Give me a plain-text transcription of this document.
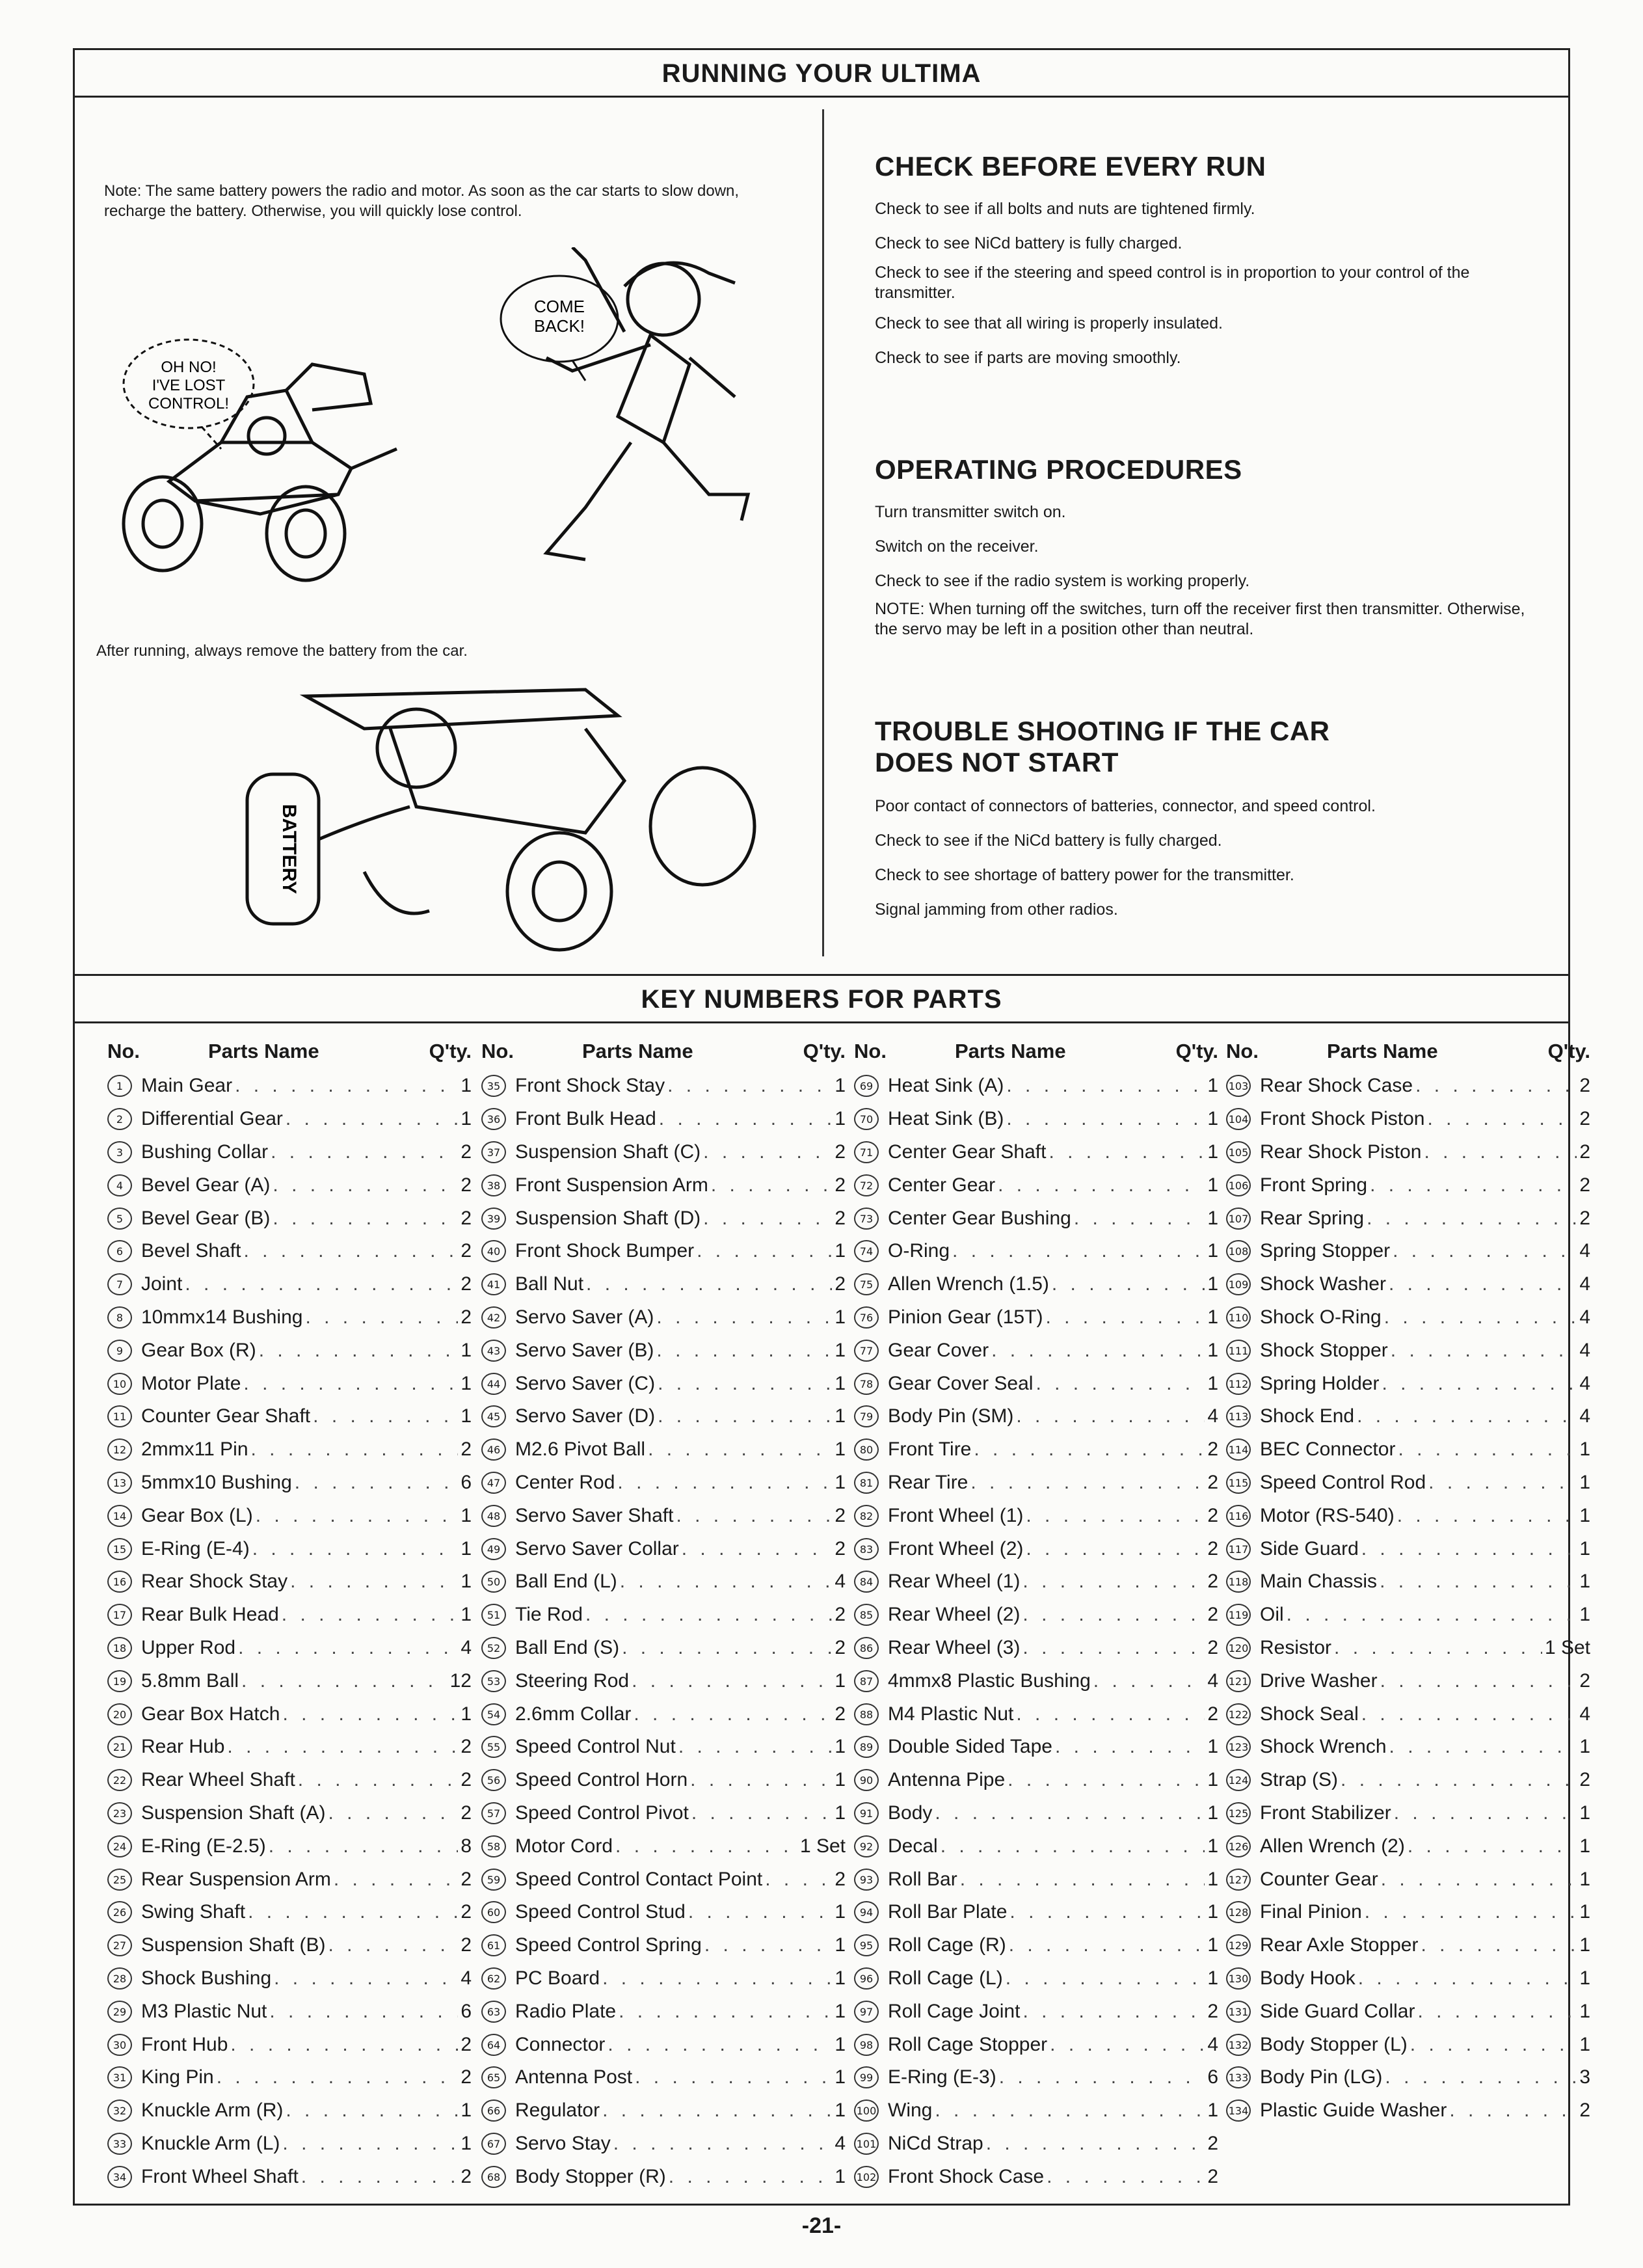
RUNNING YOUR ULTIMA
Note: The same battery powers the radio and motor. As soon as the car starts to slow down, recharge the battery. Otherwise, you will quickly lose control.
OH NO! I'VE LOST CONTROL!
COME BACK!
After running, always remove the battery from the car.
BATTERY
CHECK BEFORE EVERY RUN
Check to see if all bolts and nuts are tightened firmly.
Check to see NiCd battery is fully charged.
Check to see if the steering and speed control is in proportion to your control of the transmitter.
Check to see that all wiring is properly insulated.
Check to see if parts are moving smoothly.
OPERATING PROCEDURES
Turn transmitter switch on.
Switch on the receiver.
Check to see if the radio system is working properly.
NOTE: When turning off the switches, turn off the receiver first then transmitter. Otherwise, the servo may be left in a position other than neutral.
TROUBLE SHOOTING IF THE CAR DOES NOT START
Poor contact of connectors of batteries, connector, and speed control.
Check to see if the NiCd battery is fully charged.
Check to see shortage of battery power for the transmitter.
Signal jamming from other radios.
KEY NUMBERS FOR PARTS
No.	Parts Name	Q'ty.
1 Main Gear . . .	1
2 Differential Gear . . .	1
3 Bushing Collar . . .	2
4 Bevel Gear (A) . . .	2
5 Bevel Gear (B) . . .	2
6 Bevel Shaft . . .	2
7 Joint . . .	2
8 10mmx14 Bushing . . .	2
9 Gear Box (R) . . .	1
10 Motor Plate . . .	1
11 Counter Gear Shaft . . .	1
12 2mmx11 Pin . . .	2
13 5mmx10 Bushing . . .	6
14 Gear Box (L) . . .	1
15 E-Ring (E-4) . . .	1
16 Rear Shock Stay . . .	1
17 Rear Bulk Head . . .	1
18 Upper Rod . . .	4
19 5.8mm Ball . . .	12
20 Gear Box Hatch . . .	1
21 Rear Hub . . .	2
22 Rear Wheel Shaft . . .	2
23 Suspension Shaft (A) . . .	2
24 E-Ring (E-2.5) . . .	8
25 Rear Suspension Arm . . .	2
26 Swing Shaft . . .	2
27 Suspension Shaft (B) . . .	2
28 Shock Bushing . . .	4
29 M3 Plastic Nut . . .	6
30 Front Hub . . .	2
31 King Pin . . .	2
32 Knuckle Arm (R) . . .	1
33 Knuckle Arm (L) . . .	1
34 Front Wheel Shaft . . .	2
No.	Parts Name	Q'ty.
35 Front Shock Stay . . .	1
36 Front Bulk Head . . .	1
37 Suspension Shaft (C) . . .	2
38 Front Suspension Arm . . .	2
39 Suspension Shaft (D) . . .	2
40 Front Shock Bumper . . .	1
41 Ball Nut . . .	2
42 Servo Saver (A) . . .	1
43 Servo Saver (B) . . .	1
44 Servo Saver (C) . . .	1
45 Servo Saver (D) . . .	1
46 M2.6 Pivot Ball . . .	1
47 Center Rod . . .	1
48 Servo Saver Shaft . . .	2
49 Servo Saver Collar . . .	2
50 Ball End (L) . . .	4
51 Tie Rod . . .	2
52 Ball End (S) . . .	2
53 Steering Rod . . .	1
54 2.6mm Collar . . .	2
55 Speed Control Nut . . .	1
56 Speed Control Horn . . .	1
57 Speed Control Pivot . . .	1
58 Motor Cord . . .	1 Set
59 Speed Control Contact Point . . .	2
60 Speed Control Stud . . .	1
61 Speed Control Spring . . .	1
62 PC Board . . .	1
63 Radio Plate . . .	1
64 Connector . . .	1
65 Antenna Post . . .	1
66 Regulator . . .	1
67 Servo Stay . . .	4
68 Body Stopper (R) . . .	1
No.	Parts Name	Q'ty.
69 Heat Sink (A) . . .	1
70 Heat Sink (B) . . .	1
71 Center Gear Shaft . . .	1
72 Center Gear . . .	1
73 Center Gear Bushing . . .	1
74 O-Ring . . .	1
75 Allen Wrench (1.5) . . .	1
76 Pinion Gear (15T) . . .	1
77 Gear Cover . . .	1
78 Gear Cover Seal . . .	1
79 Body Pin (SM) . . .	4
80 Front Tire . . .	2
81 Rear Tire . . .	2
82 Front Wheel (1) . . .	2
83 Front Wheel (2) . . .	2
84 Rear Wheel (1) . . .	2
85 Rear Wheel (2) . . .	2
86 Rear Wheel (3) . . .	2
87 4mmx8 Plastic Bushing . . .	4
88 M4 Plastic Nut . . .	2
89 Double Sided Tape . . .	1
90 Antenna Pipe . . .	1
91 Body . . .	1
92 Decal . . .	1
93 Roll Bar . . .	1
94 Roll Bar Plate . . .	1
95 Roll Cage (R) . . .	1
96 Roll Cage (L) . . .	1
97 Roll Cage Joint . . .	2
98 Roll Cage Stopper . . .	4
99 E-Ring (E-3) . . .	6
100 Wing . . .	1
101 NiCd Strap . . .	2
102 Front Shock Case . . .	2
No.	Parts Name	Q'ty.
103 Rear Shock Case . . .	2
104 Front Shock Piston . . .	2
105 Rear Shock Piston . . .	2
106 Front Spring . . .	2
107 Rear Spring . . .	2
108 Spring Stopper . . .	4
109 Shock Washer . . .	4
110 Shock O-Ring . . .	4
111 Shock Stopper . . .	4
112 Spring Holder . . .	4
113 Shock End . . .	4
114 BEC Connector . . .	1
115 Speed Control Rod . . .	1
116 Motor (RS-540) . . .	1
117 Side Guard . . .	1
118 Main Chassis . . .	1
119 Oil . . .	1
120 Resistor . . .	1 Set
121 Drive Washer . . .	2
122 Shock Seal . . .	4
123 Shock Wrench . . .	1
124 Strap (S) . . .	2
125 Front Stabilizer . . .	1
126 Allen Wrench (2) . . .	1
127 Counter Gear . . .	1
128 Final Pinion . . .	1
129 Rear Axle Stopper . . .	1
130 Body Hook . . .	1
131 Side Guard Collar . . .	1
132 Body Stopper (L) . . .	1
133 Body Pin (LG) . . .	3
134 Plastic Guide Washer . . .	2
-21-
